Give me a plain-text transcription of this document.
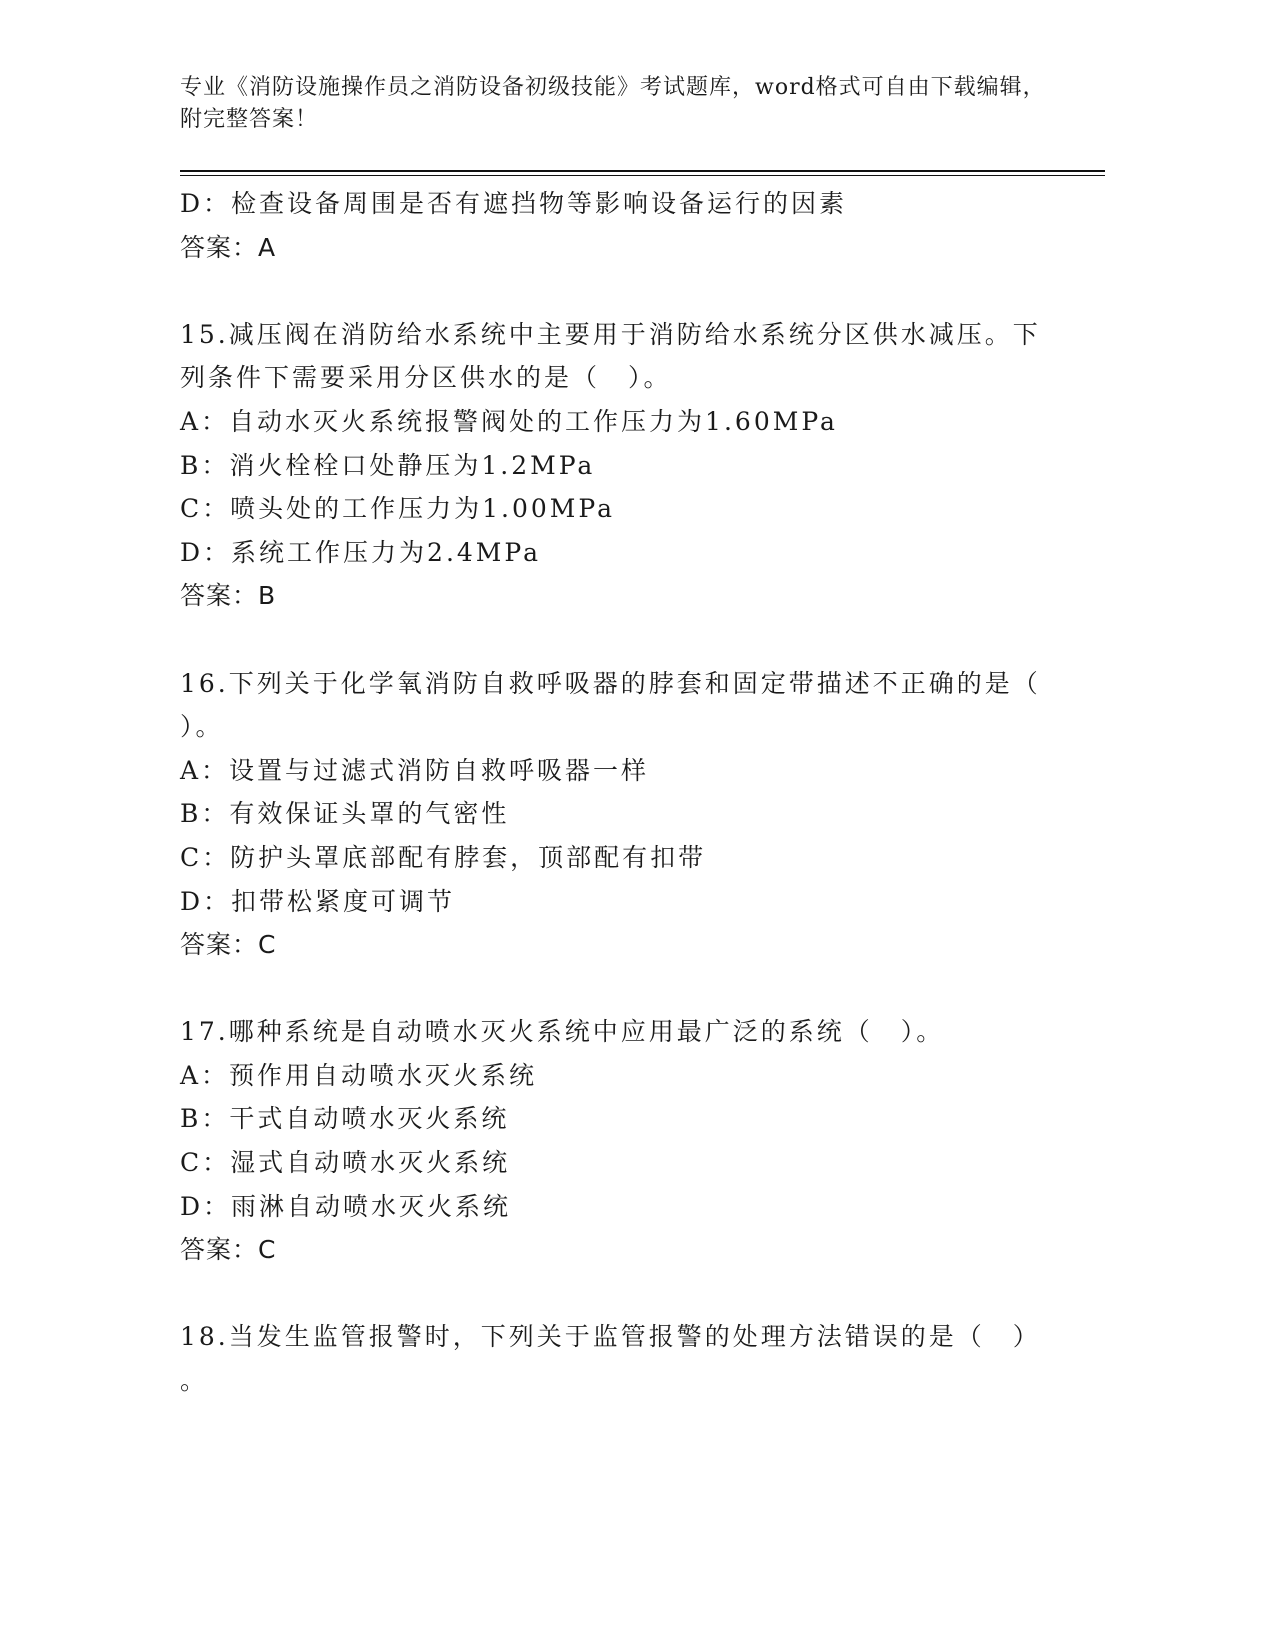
专业《消防设施操作员之消防设备初级技能》考试题库，word格式可自由下载编辑，附完整答案！
D：检查设备周围是否有遮挡物等影响设备运行的因素
答案：A
15.减压阀在消防给水系统中主要用于消防给水系统分区供水减压。下
列条件下需要采用分区供水的是（　）。
A：自动水灭火系统报警阀处的工作压力为1.60MPa
B：消火栓栓口处静压为1.2MPa
C：喷头处的工作压力为1.00MPa
D：系统工作压力为2.4MPa
答案：B
16.下列关于化学氧消防自救呼吸器的脖套和固定带描述不正确的是（
）。
A：设置与过滤式消防自救呼吸器一样
B：有效保证头罩的气密性
C：防护头罩底部配有脖套，顶部配有扣带
D：扣带松紧度可调节
答案：C
17.哪种系统是自动喷水灭火系统中应用最广泛的系统（　）。
A：预作用自动喷水灭火系统
B：干式自动喷水灭火系统
C：湿式自动喷水灭火系统
D：雨淋自动喷水灭火系统
答案：C
18.当发生监管报警时，下列关于监管报警的处理方法错误的是（　）
。
